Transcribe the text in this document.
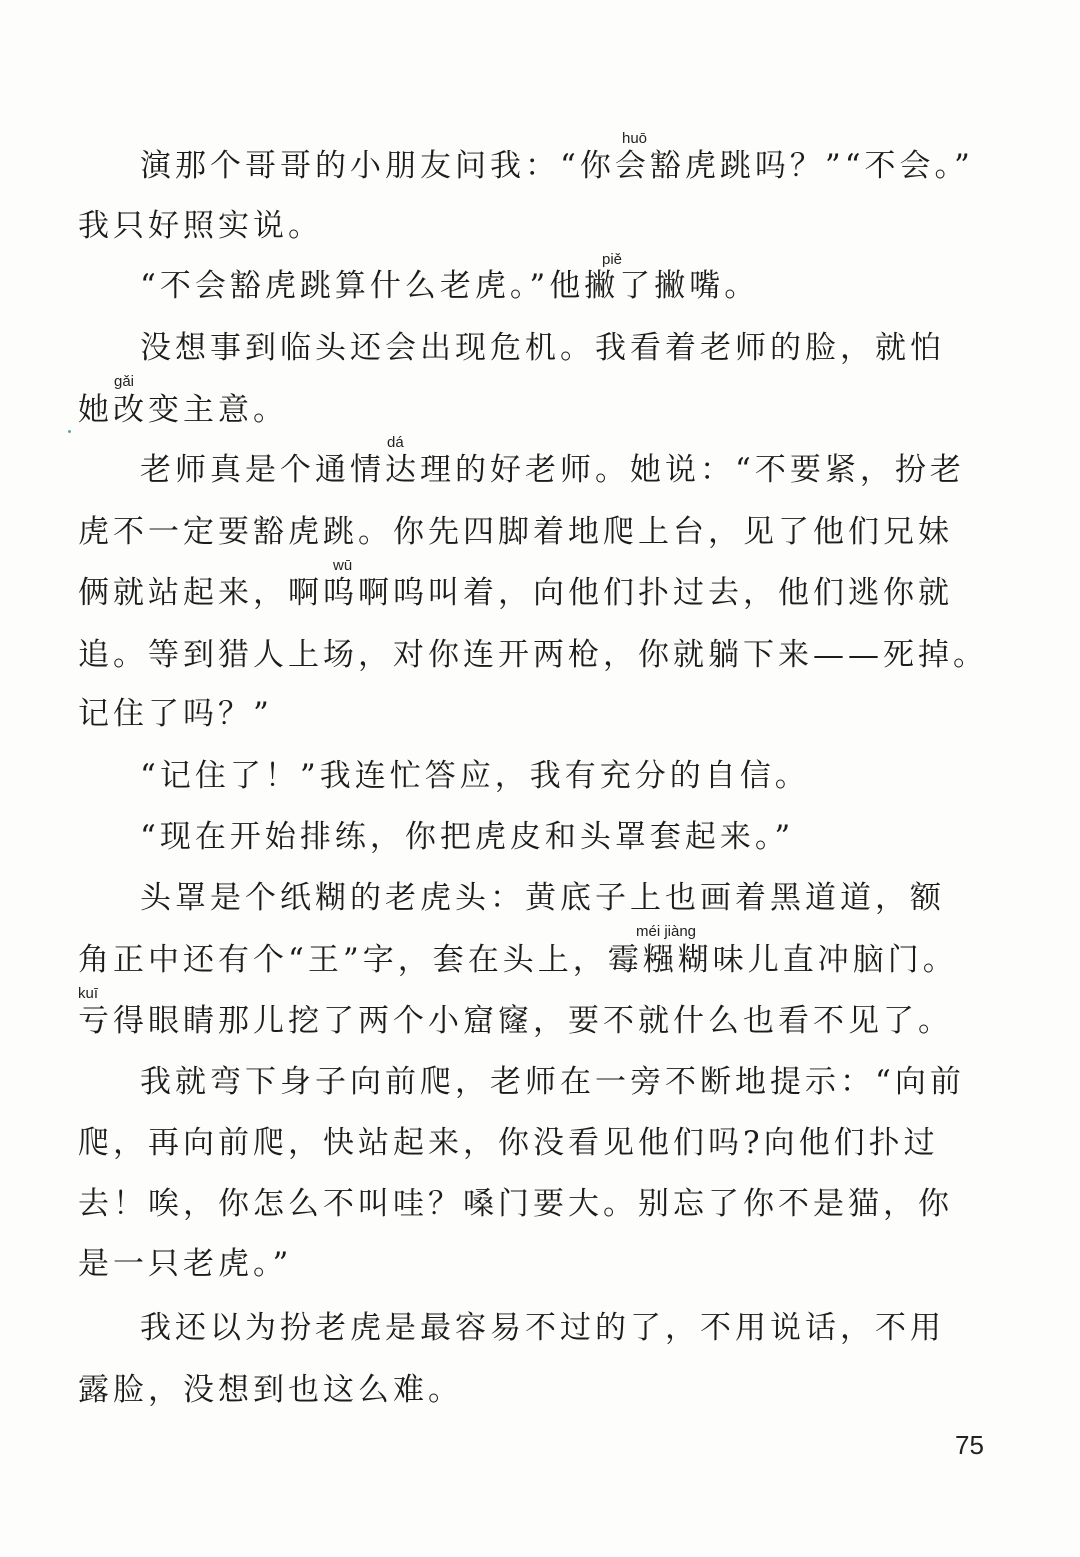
演那个哥哥的小朋友问我：“你会豁虎跳吗？”“不会。”
我只好照实说。
“不会豁虎跳算什么老虎。”他撇了撇嘴。
没想事到临头还会出现危机。我看着老师的脸，就怕
她改变主意。
老师真是个通情达理的好老师。她说：“不要紧，扮老
虎不一定要豁虎跳。你先四脚着地爬上台，见了他们兄妹
俩就站起来，啊呜啊呜叫着，向他们扑过去，他们逃你就
追。等到猎人上场，对你连开两枪，你就躺下来——死掉。
记住了吗？”
“记住了！”我连忙答应，我有充分的自信。
“现在开始排练，你把虎皮和头罩套起来。”
头罩是个纸糊的老虎头：黄底子上也画着黑道道，额
角正中还有个“王”字，套在头上，霉糨糊味儿直冲脑门。
亏得眼睛那儿挖了两个小窟窿，要不就什么也看不见了。
我就弯下身子向前爬，老师在一旁不断地提示：“向前
爬，再向前爬，快站起来，你没看见他们吗?向他们扑过
去！唉，你怎么不叫哇？嗓门要大。别忘了你不是猫，你
是一只老虎。”
我还以为扮老虎是最容易不过的了，不用说话，不用
露脸，没想到也这么难。
huō
piě
gǎi
dá
wū
méi jiàng
kuī
75
